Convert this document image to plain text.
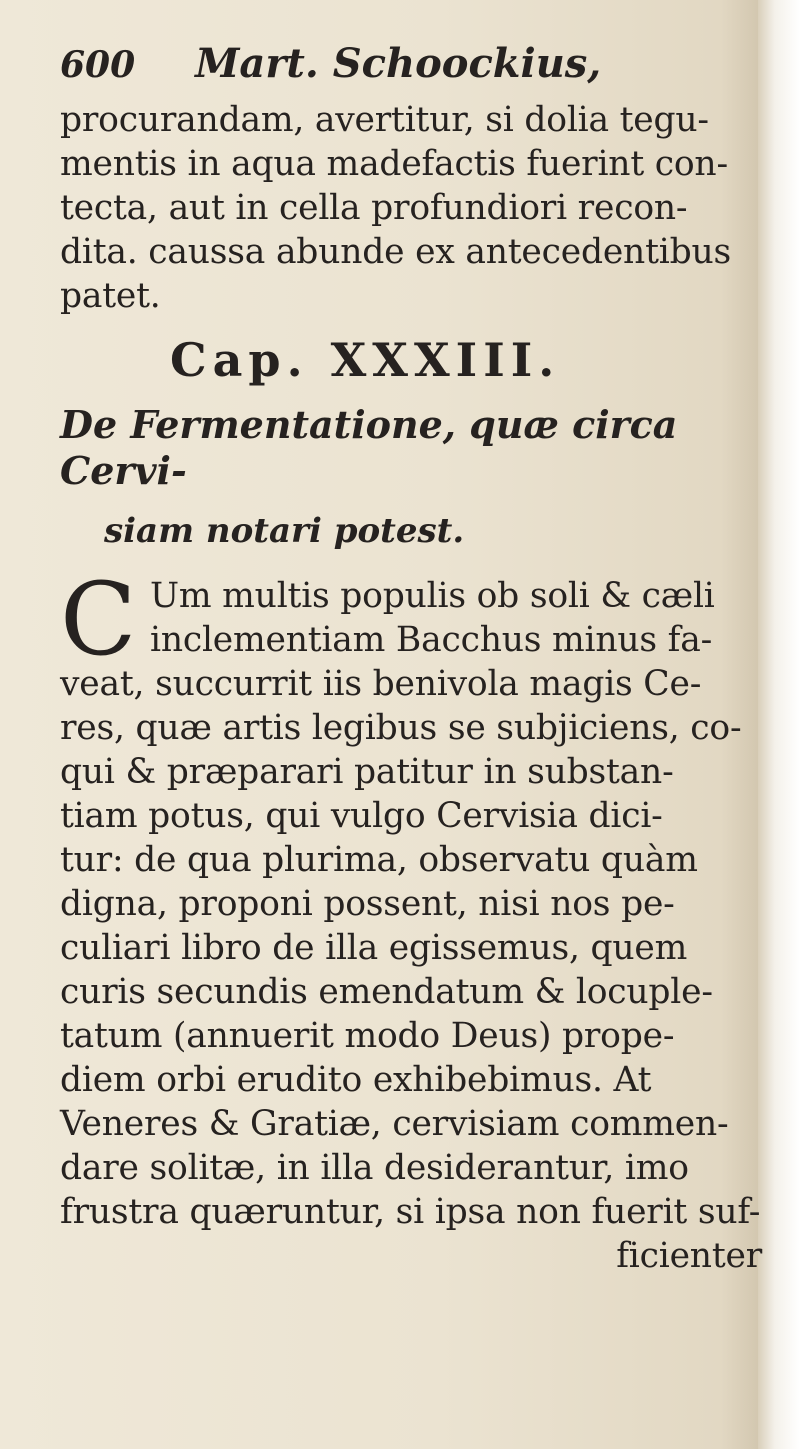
600 Mart. Schoockius,
procurandam, avertitur, si dolia tegu-
mentis in aqua madefactis fuerint con-
tecta, aut in cella profundiori recon-
dita. caussa abunde ex antecedentibus
patet.
Cap. XXXIII.
De Fermentatione, quæ circa Cervi-
siam notari potest.
C Um multis populis ob soli & cæli
inclementiam Bacchus minus fa-
veat, succurrit iis benivola magis Ce-
res, quæ artis legibus se subjiciens, co-
qui & præparari patitur in substan-
tiam potus, qui vulgo Cervisia dici-
tur: de qua plurima, observatu quàm
digna, proponi possent, nisi nos pe-
culiari libro de illa egissemus, quem
curis secundis emendatum & locuple-
tatum (annuerit modo Deus) prope-
diem orbi erudito exhibebimus. At
Veneres & Gratiæ, cervisiam commen-
dare solitæ, in illa desiderantur, imo
frustra quæruntur, si ipsa non fuerit suf-
ficienter
